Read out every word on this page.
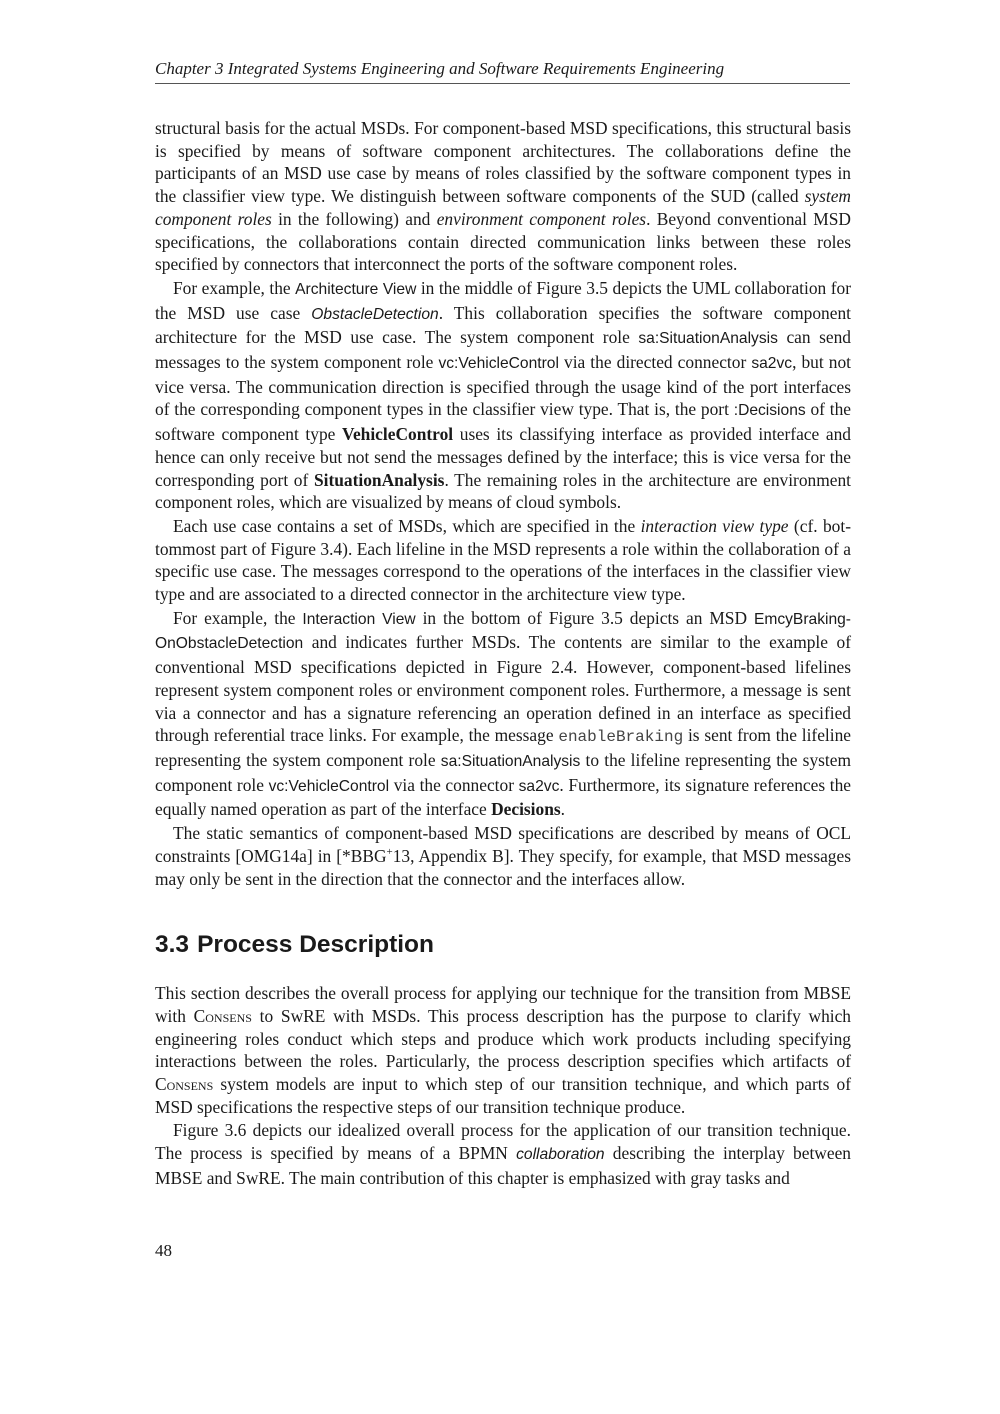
Chapter 3 Integrated Systems Engineering and Software Requirements Engineering

structural basis for the actual MSDs. For component-based MSD specifications, this structural basis is specified by means of software component architectures. The collaborations define the participants of an MSD use case by means of roles classified by the software component types in the classifier view type. We distinguish between software components of the SUD (called system component roles in the following) and environment component roles. Beyond conventional MSD specifications, the collaborations contain directed communication links between these roles specified by connectors that interconnect the ports of the software component roles.

For example, the Architecture View in the middle of Figure 3.5 depicts the UML collaboration for the MSD use case ObstacleDetection. This collaboration specifies the software component architecture for the MSD use case. The system component role sa:SituationAnalysis can send messages to the system component role vc:VehicleControl via the directed connector sa2vc, but not vice versa. The communication direction is specified through the usage kind of the port interfaces of the corresponding component types in the classifier view type. That is, the port :Decisions of the software component type VehicleControl uses its classifying interface as provided interface and hence can only receive but not send the messages defined by the interface; this is vice versa for the corresponding port of SituationAnalysis. The remaining roles in the architecture are environment component roles, which are visualized by means of cloud symbols.

Each use case contains a set of MSDs, which are specified in the interaction view type (cf. bottommost part of Figure 3.4). Each lifeline in the MSD represents a role within the collaboration of a specific use case. The messages correspond to the operations of the interfaces in the classifier view type and are associated to a directed connector in the architecture view type.

For example, the Interaction View in the bottom of Figure 3.5 depicts an MSD EmcyBrakingOnObstacleDetection and indicates further MSDs. The contents are similar to the example of conventional MSD specifications depicted in Figure 2.4. However, component-based lifelines represent system component roles or environment component roles. Furthermore, a message is sent via a connector and has a signature referencing an operation defined in an interface as specified through referential trace links. For example, the message enableBraking is sent from the lifeline representing the system component role sa:SituationAnalysis to the lifeline representing the system component role vc:VehicleControl via the connector sa2vc. Furthermore, its signature references the equally named operation as part of the interface Decisions.

The static semantics of component-based MSD specifications are described by means of OCL constraints [OMG14a] in [*BBG+13, Appendix B]. They specify, for example, that MSD messages may only be sent in the direction that the connector and the interfaces allow.

3.3 Process Description

This section describes the overall process for applying our technique for the transition from MBSE with Consens to SwRE with MSDs. This process description has the purpose to clarify which engineering roles conduct which steps and produce which work products including specifying interactions between the roles. Particularly, the process description specifies which artifacts of Consens system models are input to which step of our transition technique, and which parts of MSD specifications the respective steps of our transition technique produce.

Figure 3.6 depicts our idealized overall process for the application of our transition technique. The process is specified by means of a BPMN collaboration describing the interplay between MBSE and SwRE. The main contribution of this chapter is emphasized with gray tasks and

48
